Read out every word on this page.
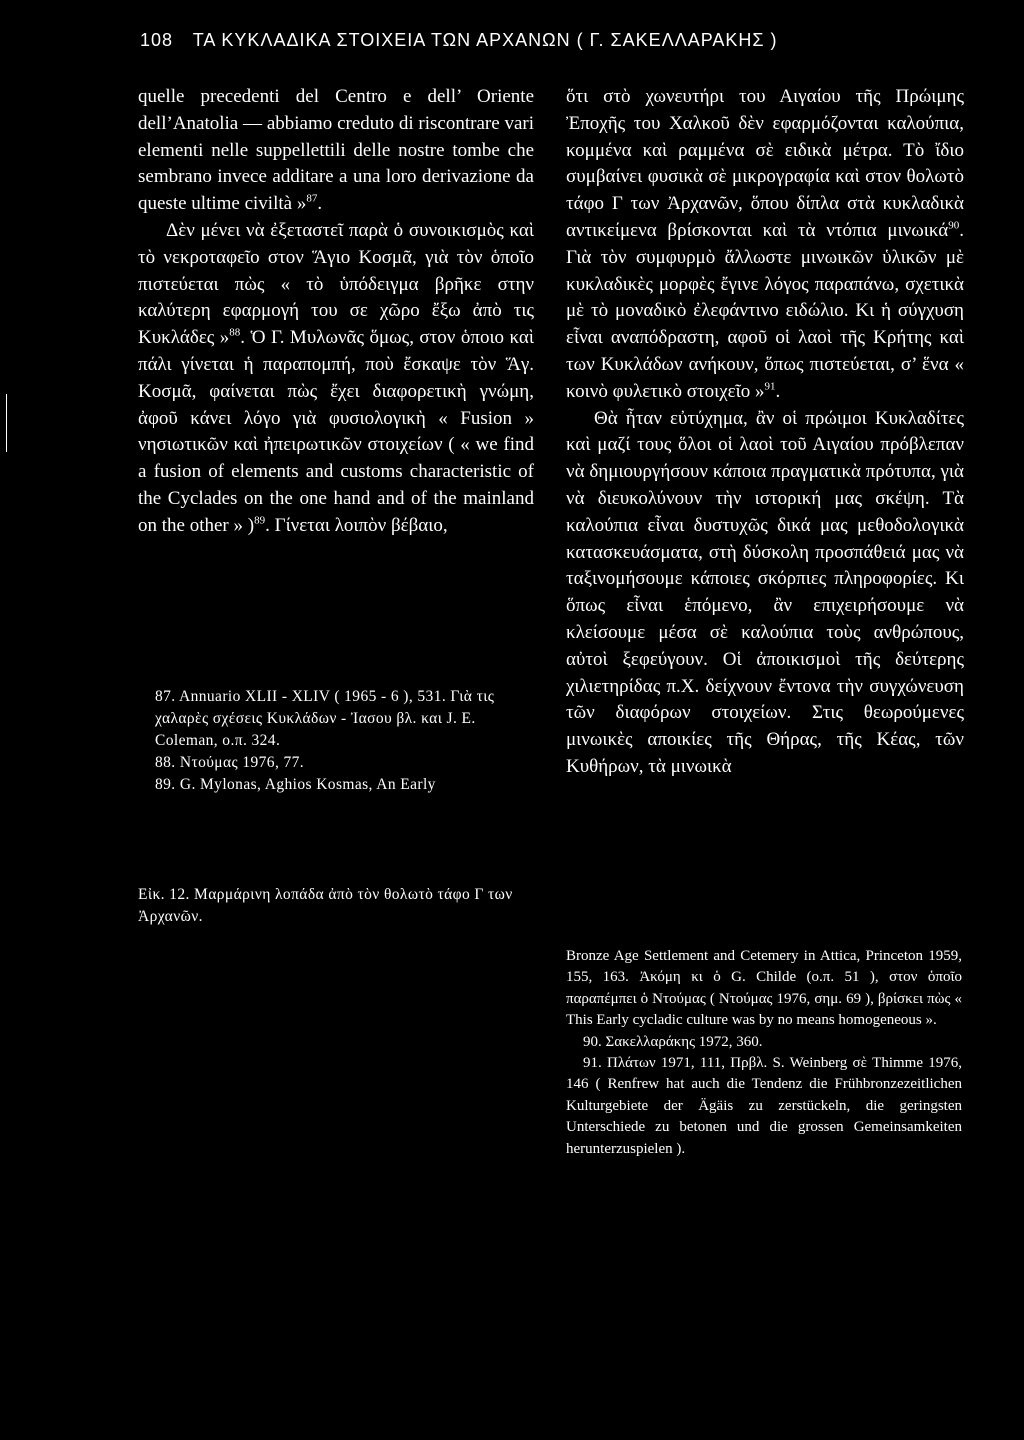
108 ΤΑ ΚΥΚΛΑΔΙΚΑ ΣΤΟΙΧΕΙΑ ΤΩΝ ΑΡΧΑΝΩΝ ( Γ. ΣΑΚΕΛΛΑΡΑΚΗΣ )

quelle precedenti del Centro e dell’ Oriente dell’Anatolia — abbiamo creduto di riscontrare vari elementi nelle suppellettili delle nostre tombe che sembrano invece additare a una loro derivazione da queste ultime civiltà »$^{87}$.

Δὲν μένει νὰ ἐξεταστεῖ παρὰ ὁ συνοικισμὸς καὶ τὸ νεκροταφεῖο στον Ἅγιο Κοσμᾶ, γιὰ τὸν ὁποῖο πιστεύεται πὼς « τὸ ὑπόδειγμα βρῆκε στην καλύτερη εφαρμογή του σε χῶρο ἔξω ἀπὸ τις Κυκλάδες »$^{88}$. Ὁ Γ. Μυλωνᾶς ὅμως, στον ὁποιο καὶ πάλι γίνεται ἡ παραπομπή, ποὺ ἔσκαψε τὸν Ἅγ. Κοσμᾶ, φαίνεται πὼς ἔχει διαφορετικὴ γνώμη, ἀφοῦ κάνει λόγο γιὰ φυσιολογικὴ « Fusion » νησιωτικῶν καὶ ἠπειρωτικῶν στοιχείων ( « we find a fusion of elements and customs characteristic of the Cyclades on the one hand and of the mainland on the other » )$^{89}$. Γίνεται λοιπὸν βέβαιο,

87. Annuario XLII - XLIV ( 1965 - 6 ), 531. Γιὰ τις χαλαρὲς σχέσεις Κυκλάδων - Ἰασου βλ. και J. E. Coleman, ο.π. 324.

88. Ντούμας 1976, 77.

89. G. Mylonas, Aghios Kosmas, An Early

Εἰκ. 12. Μαρμάρινη λοπάδα ἀπὸ τὸν θολωτὸ τάφο Γ των Ἀρχανῶν.

ὅτι στὸ χωνευτήρι του Αιγαίου τῆς Πρώιμης Ἐποχῆς του Χαλκοῦ δὲν εφαρμόζονται καλούπια, κομμένα καὶ ραμμένα σὲ ειδικὰ μέτρα. Τὸ ἴδιο συμβαίνει φυσικὰ σὲ μικρογραφία καὶ στον θολωτὸ τάφο Γ των Ἀρχανῶν, ὅπου δίπλα στὰ κυκλαδικὰ αντικείμενα βρίσκονται καὶ τὰ ντόπια μινωικά$^{90}$. Γιὰ τὸν συμφυρμὸ ἄλλωστε μινωικῶν ὑλικῶν μὲ κυκλαδικὲς μορφὲς ἔγινε λόγος παραπάνω, σχετικὰ μὲ τὸ μοναδικὸ ἐλεφάντινο ειδώλιο. Κι ἡ σύγχυση εἶναι αναπόδραστη, αφοῦ οἱ λαοὶ τῆς Κρήτης καὶ των Κυκλάδων ανήκουν, ὅπως πιστεύεται, σ’ ἕνα « κοινὸ φυλετικὸ στοιχεῖο »$^{91}$.

Θὰ ἦταν εὐτύχημα, ἂν οἱ πρώιμοι Κυκλαδίτες καὶ μαζί τους ὅλοι οἱ λαοὶ τοῦ Αιγαίου πρόβλεπαν νὰ δημιουργήσουν κάποια πραγματικὰ πρότυπα, γιὰ νὰ διευκολύνουν τὴν ιστορική μας σκέψη. Τὰ καλούπια εἶναι δυστυχῶς δικά μας μεθοδολογικὰ κατασκευάσματα, στὴ δύσκολη προσπάθειά μας νὰ ταξινομήσουμε κάποιες σκόρπιες πληροφορίες. Κι ὅπως εἶναι ἑπόμενο, ἂν επιχειρήσουμε νὰ κλείσουμε μέσα σὲ καλούπια τοὺς ανθρώπους, αὐτοὶ ξεφεύγουν. Οἱ ἀποικισμοὶ τῆς δεύτερης χιλιετηρίδας π.Χ. δείχνουν ἔντονα τὴν συγχώνευση τῶν διαφόρων στοιχείων. Στις θεωρούμενες μινωικὲς αποικίες τῆς Θήρας, τῆς Κέας, τῶν Κυθήρων, τὰ μινωικὰ

Bronze Age Settlement and Cetemery in Attica, Princeton 1959, 155, 163. Ἀκόμη κι ὁ G. Childe (ο.π. 51 ), στον ὁποῖο παραπέμπει ὁ Ντούμας ( Ντούμας 1976, σημ. 69 ), βρίσκει πὼς « This Early cycladic culture was by no means homogeneous ».

90. Σακελλαράκης 1972, 360.

91. Πλάτων 1971, 111, Πρβλ. S. Weinberg σὲ Thimme 1976, 146 ( Renfrew hat auch die Tendenz die Frühbronzezeitlichen Kulturgebiete der Ägäis zu zerstückeln, die geringsten Unterschiede zu betonen und die grossen Gemeinsamkeiten herunterzuspielen ).
